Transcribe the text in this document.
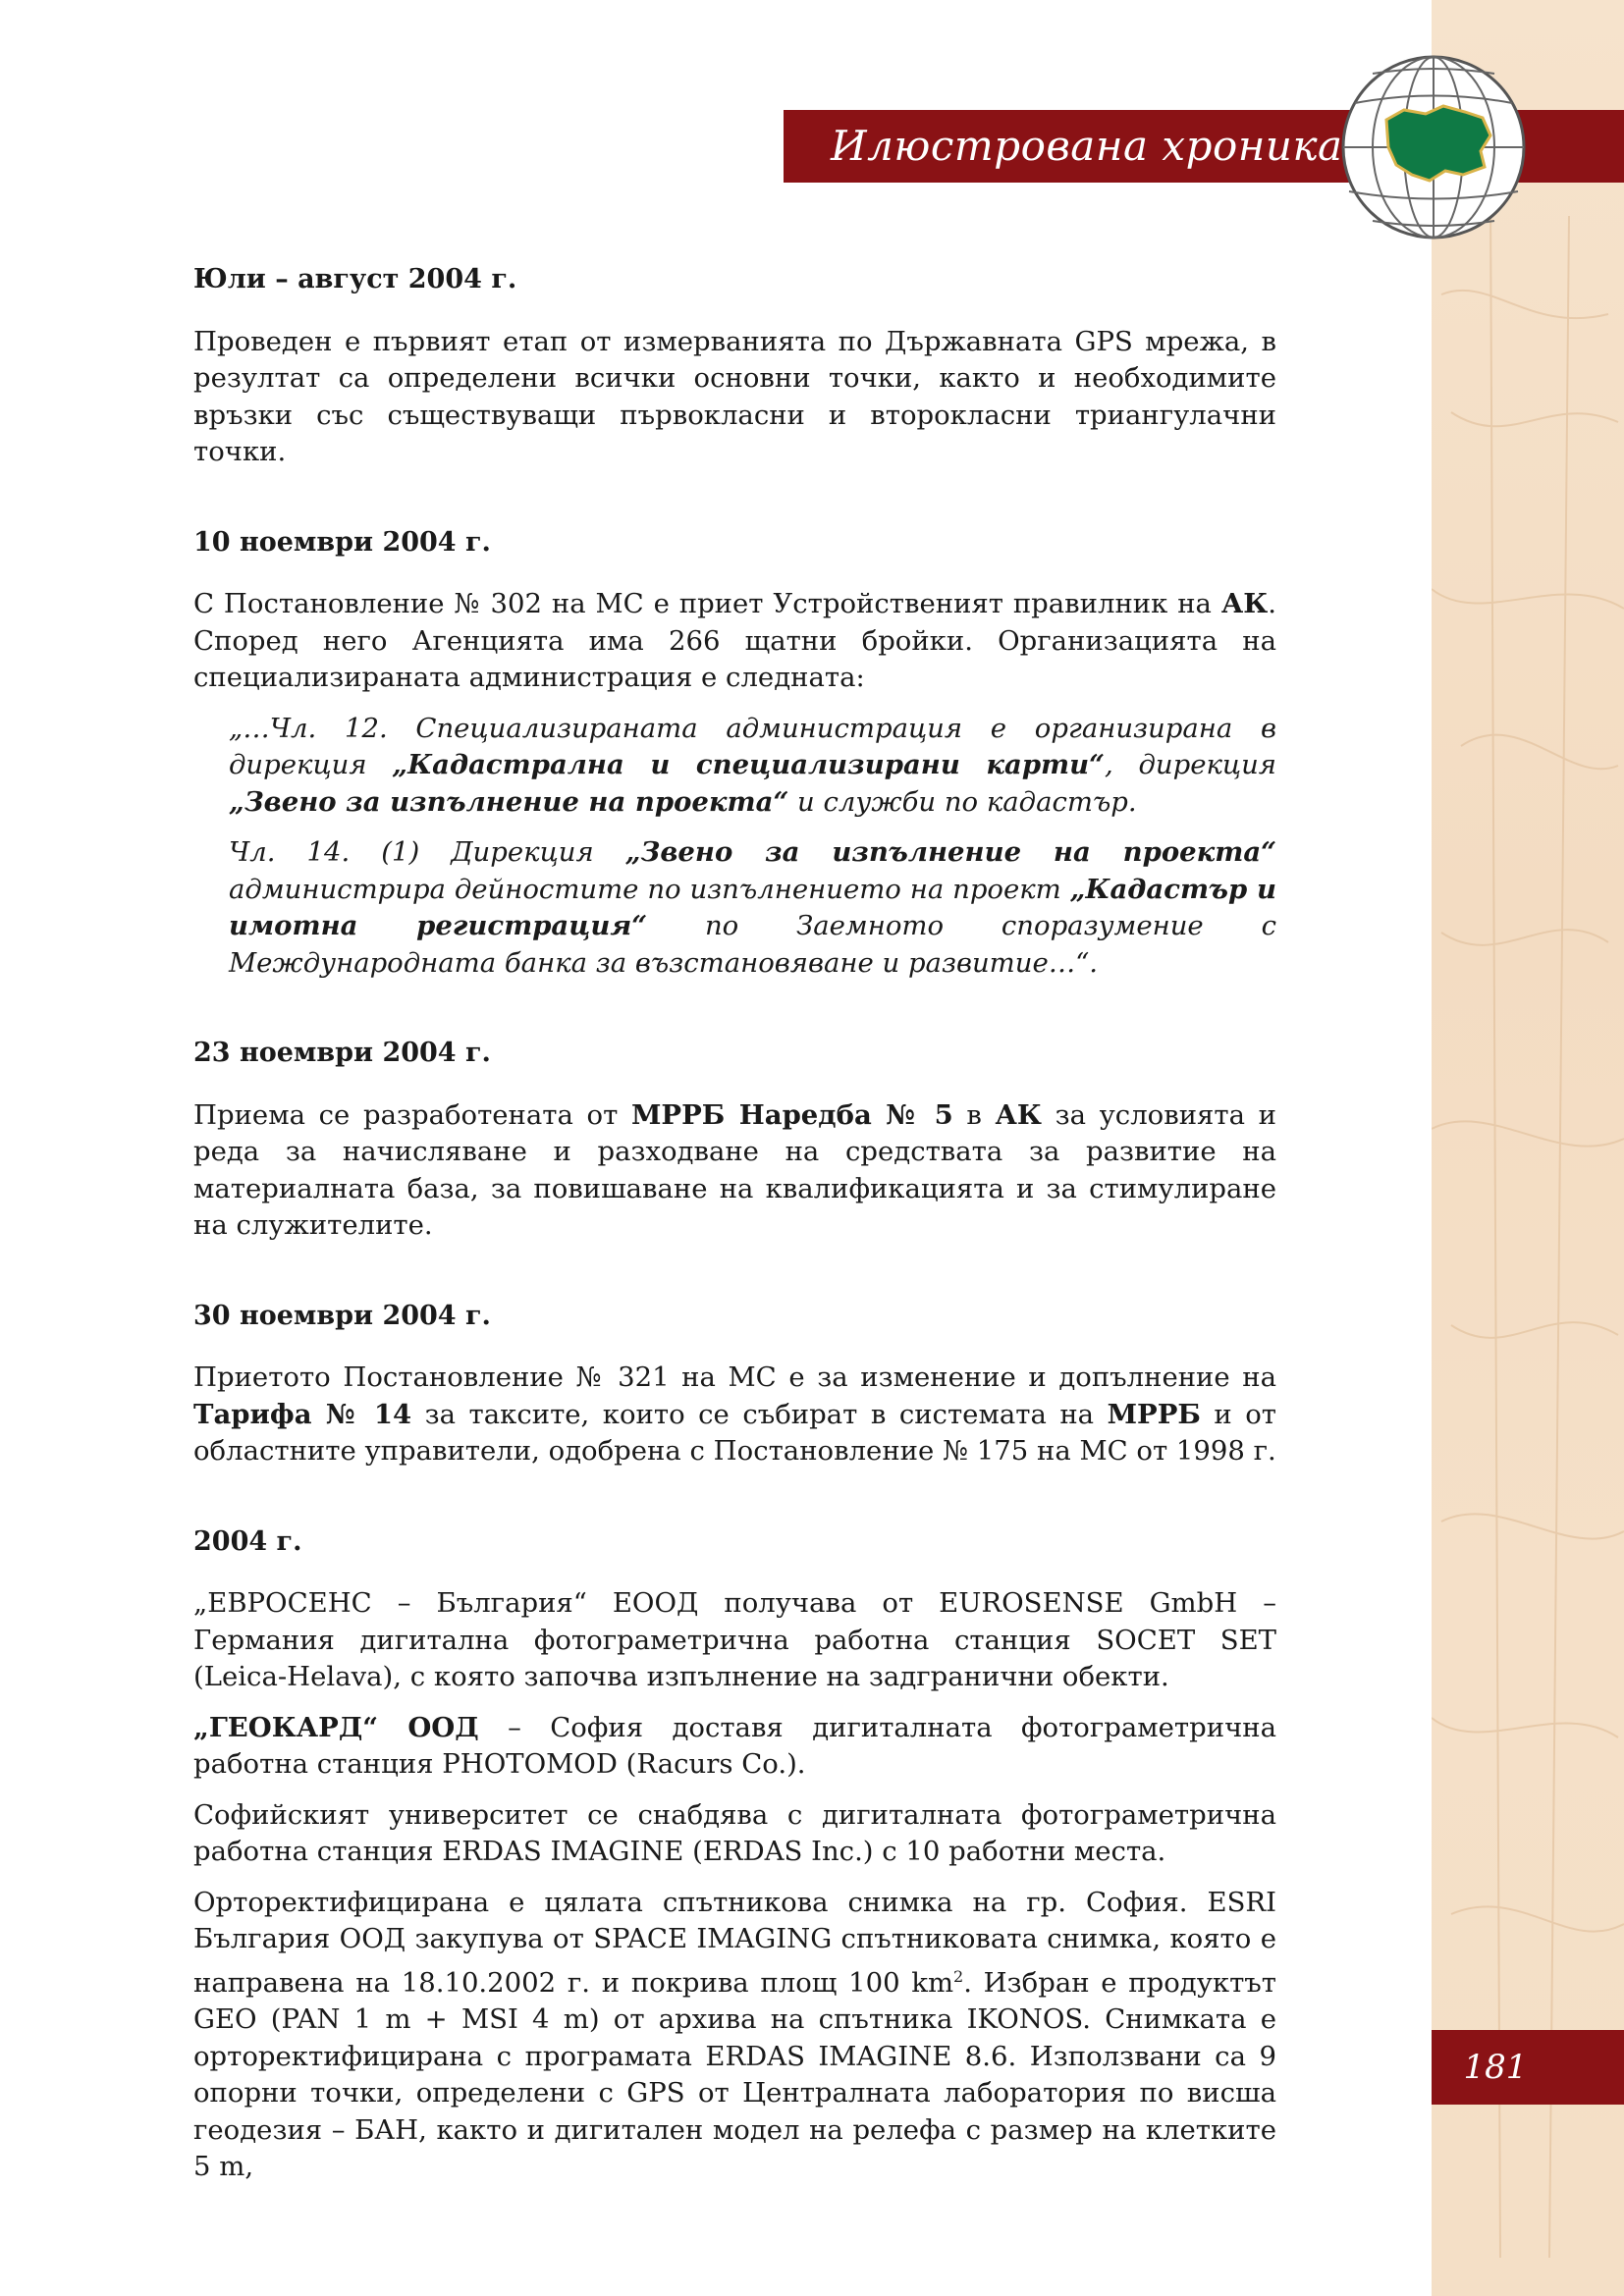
Илюстрована хроника
181
Юли – август 2004 г.

Проведен е първият етап от измерванията по Държавната GPS мрежа, в резултат са определени всички основни точки, както и необходимите връзки със съществуващи първокласни и второкласни триангулачни точки.

10 ноември 2004 г.

С Постановление № 302 на МС е приет Устройственият правилник на АК. Според него Агенцията има 266 щатни бройки. Организацията на специализираната администрация е следната:

„…Чл. 12. Специализираната администрация е организирана в дирекция „Кадастрална и специализирани карти“, дирекция „Звено за изпълнение на проекта“ и служби по кадастър.

Чл. 14. (1) Дирекция „Звено за изпълнение на проекта“ администрира дейностите по изпълнението на проект „Кадастър и имотна регистрация“ по Заемното споразумение с Международната банка за възстановяване и развитие…“.

23 ноември 2004 г.

Приема се разработената от МРРБ Наредба № 5 в АК за условията и реда за начисляване и разходване на средствата за развитие на материалната база, за повишаване на квалификацията и за стимулиране на служителите.

30 ноември 2004 г.

Приетото Постановление № 321 на МС е за изменение и допълнение на Тарифа № 14 за таксите, които се събират в системата на МРРБ и от областните управители, одобрена с Постановление № 175 на МС от 1998 г.

2004 г.

„ЕВРОСЕНС – България“ ЕООД получава от EUROSENSE GmbH – Германия дигитална фотограметрична работна станция SOCET SET (Leica-Helava), с която започва изпълнение на задгранични обекти.

„ГЕОКАРД“ ООД – София доставя дигиталната фотограметрична работна станция PHOTOMOD (Racurs Co.).

Софийският университет се снабдява с дигиталната фотограметрична работна станция ERDAS IMAGINE (ERDAS Inc.) с 10 работни места.

Орторектифицирана е цялата спътникова снимка на гр. София. ESRI България ООД закупува от SPACE IMAGING спътниковата снимка, която е направена на 18.10.2002 г. и покрива площ 100 $km^2$. Избран е продуктът GEO (PAN 1 m + MSI 4 m) от архива на спътника IKONOS. Снимката е орторектифицирана с програмата ERDAS IMAGINE 8.6. Използвани са 9 опорни точки, определени с GPS от Централната лаборатория по висша геодезия – БАН, както и дигитален модел на релефа с размер на клетките 5 m,
